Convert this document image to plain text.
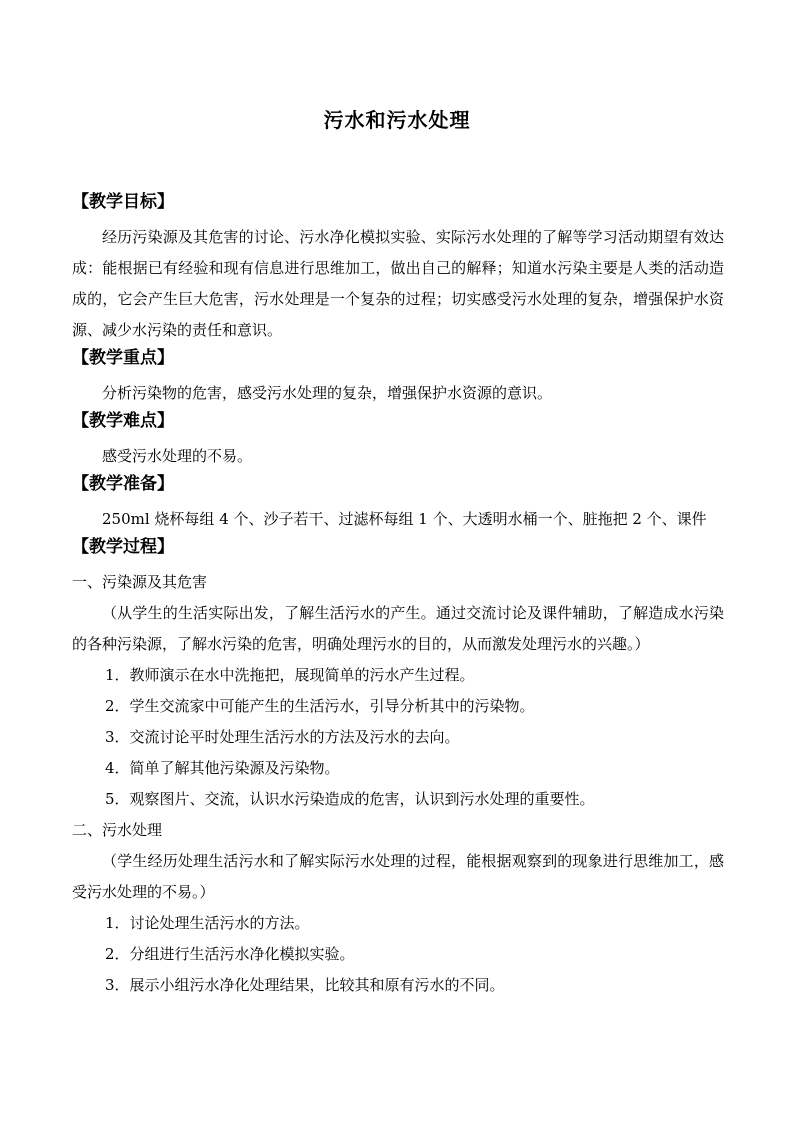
污水和污水处理

【教学目标】

经历污染源及其危害的讨论、污水净化模拟实验、实际污水处理的了解等学习活动期望有效达成：能根据已有经验和现有信息进行思维加工，做出自己的解释；知道水污染主要是人类的活动造成的，它会产生巨大危害，污水处理是一个复杂的过程；切实感受污水处理的复杂，增强保护水资源、减少水污染的责任和意识。

【教学重点】

分析污染物的危害，感受污水处理的复杂，增强保护水资源的意识。

【教学难点】

感受污水处理的不易。

【教学准备】

250ml 烧杯每组 4 个、沙子若干、过滤杯每组 1 个、大透明水桶一个、脏拖把 2 个、课件

【教学过程】

一、污染源及其危害

（从学生的生活实际出发，了解生活污水的产生。通过交流讨论及课件辅助，了解造成水污染的各种污染源，了解水污染的危害，明确处理污水的目的，从而激发处理污水的兴趣。）

1．教师演示在水中洗拖把，展现简单的污水产生过程。

2．学生交流家中可能产生的生活污水，引导分析其中的污染物。

3．交流讨论平时处理生活污水的方法及污水的去向。

4．简单了解其他污染源及污染物。

5．观察图片、交流，认识水污染造成的危害，认识到污水处理的重要性。

二、污水处理

（学生经历处理生活污水和了解实际污水处理的过程，能根据观察到的现象进行思维加工，感受污水处理的不易。）

1．讨论处理生活污水的方法。

2．分组进行生活污水净化模拟实验。

3．展示小组污水净化处理结果，比较其和原有污水的不同。
